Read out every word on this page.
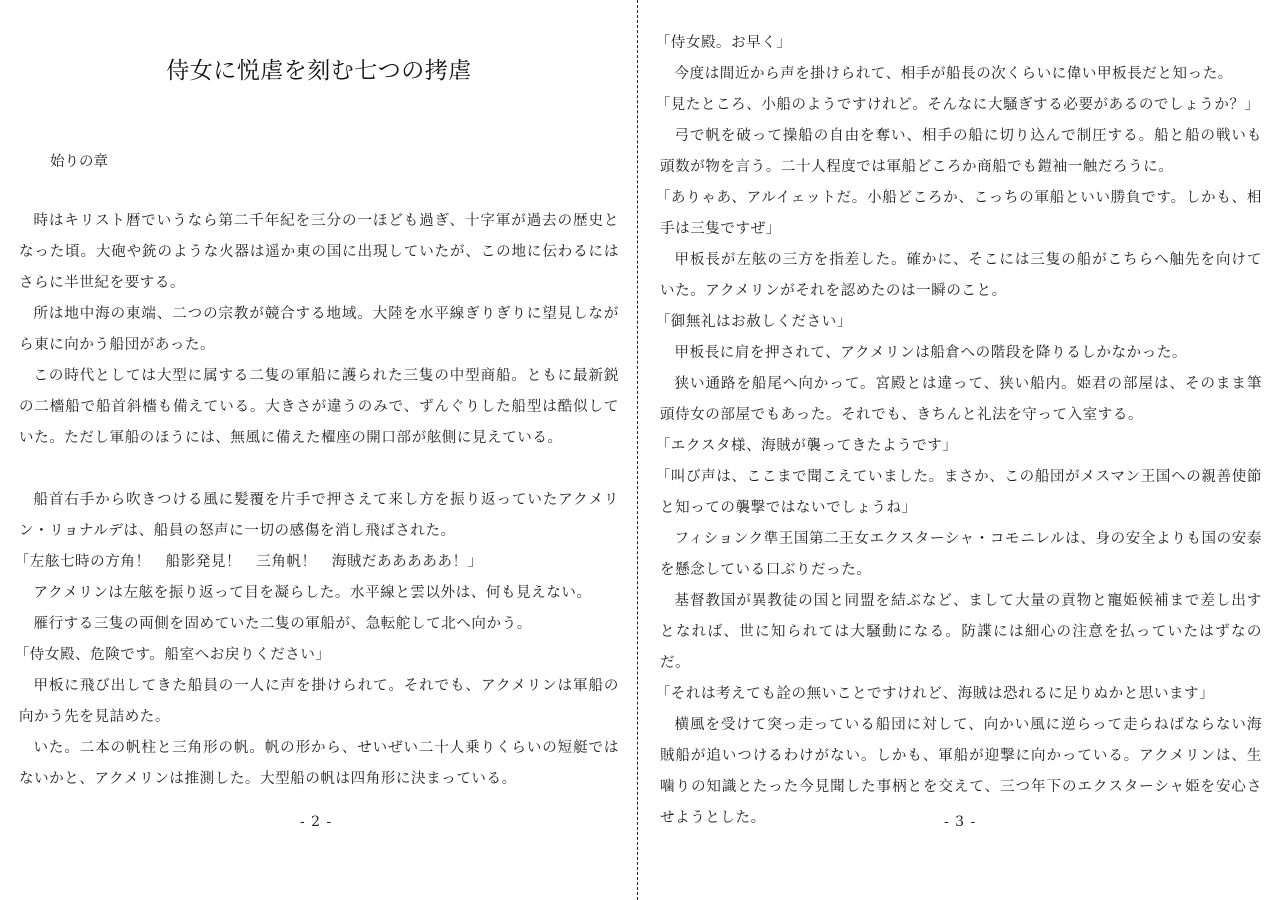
侍女に悦虐を刻む七つの拷虐
始りの章

時はキリスト暦でいうなら第二千年紀を三分の一ほども過ぎ、十字軍が過去の歴史となった頃。大砲や銃のような火器は遥か東の国に出現していたが、この地に伝わるにはさらに半世紀を要する。

所は地中海の東端、二つの宗教が競合する地域。大陸を水平線ぎりぎりに望見しながら東に向かう船団があった。

この時代としては大型に属する二隻の軍船に護られた三隻の中型商船。ともに最新鋭の二檣船で船首斜檣も備えている。大きさが違うのみで、ずんぐりした船型は酷似していた。ただし軍船のほうには、無風に備えた櫂座の開口部が舷側に見えている。

船首右手から吹きつける風に髪覆を片手で押さえて来し方を振り返っていたアクメリン・リョナルデは、船員の怒声に一切の感傷を消し飛ばされた。

「左舷七時の方角！　船影発見！　三角帆！　海賊だあああああ！」

アクメリンは左舷を振り返って目を凝らした。水平線と雲以外は、何も見えない。

雁行する三隻の両側を固めていた二隻の軍船が、急転舵して北へ向かう。

「侍女殿、危険です。船室へお戻りください」

甲板に飛び出してきた船員の一人に声を掛けられて。それでも、アクメリンは軍船の向かう先を見詰めた。

いた。二本の帆柱と三角形の帆。帆の形から、せいぜい二十人乗りくらいの短艇ではないかと、アクメリンは推測した。大型船の帆は四角形に決まっている。

- 2 -

「侍女殿。お早く」

今度は間近から声を掛けられて、相手が船長の次くらいに偉い甲板長だと知った。

「見たところ、小船のようですけれど。そんなに大騒ぎする必要があるのでしょうか？」

弓で帆を破って操船の自由を奪い、相手の船に切り込んで制圧する。船と船の戦いも頭数が物を言う。二十人程度では軍船どころか商船でも鎧袖一触だろうに。

「ありゃあ、アルイェットだ。小船どころか、こっちの軍船といい勝負です。しかも、相手は三隻ですぜ」

甲板長が左舷の三方を指差した。確かに、そこには三隻の船がこちらへ舳先を向けていた。アクメリンがそれを認めたのは一瞬のこと。

「御無礼はお赦しください」

甲板長に肩を押されて、アクメリンは船倉への階段を降りるしかなかった。

狭い通路を船尾へ向かって。宮殿とは違って、狭い船内。姫君の部屋は、そのまま筆頭侍女の部屋でもあった。それでも、きちんと礼法を守って入室する。

「エクスタ様、海賊が襲ってきたようです」

「叫び声は、ここまで聞こえていました。まさか、この船団がメスマン王国への親善使節と知っての襲撃ではないでしょうね」

フィションク準王国第二王女エクスターシャ・コモニレルは、身の安全よりも国の安泰を懸念している口ぶりだった。

基督教国が異教徒の国と同盟を結ぶなど、まして大量の貢物と寵姫候補まで差し出すとなれば、世に知られては大騒動になる。防諜には細心の注意を払っていたはずなのだ。

「それは考えても詮の無いことですけれど、海賊は恐れるに足りぬかと思います」

横風を受けて突っ走っている船団に対して、向かい風に逆らって走らねばならない海賊船が追いつけるわけがない。しかも、軍船が迎撃に向かっている。アクメリンは、生噛りの知識とたった今見聞した事柄とを交えて、三つ年下のエクスターシャ姫を安心させようとした。	- 3 -
